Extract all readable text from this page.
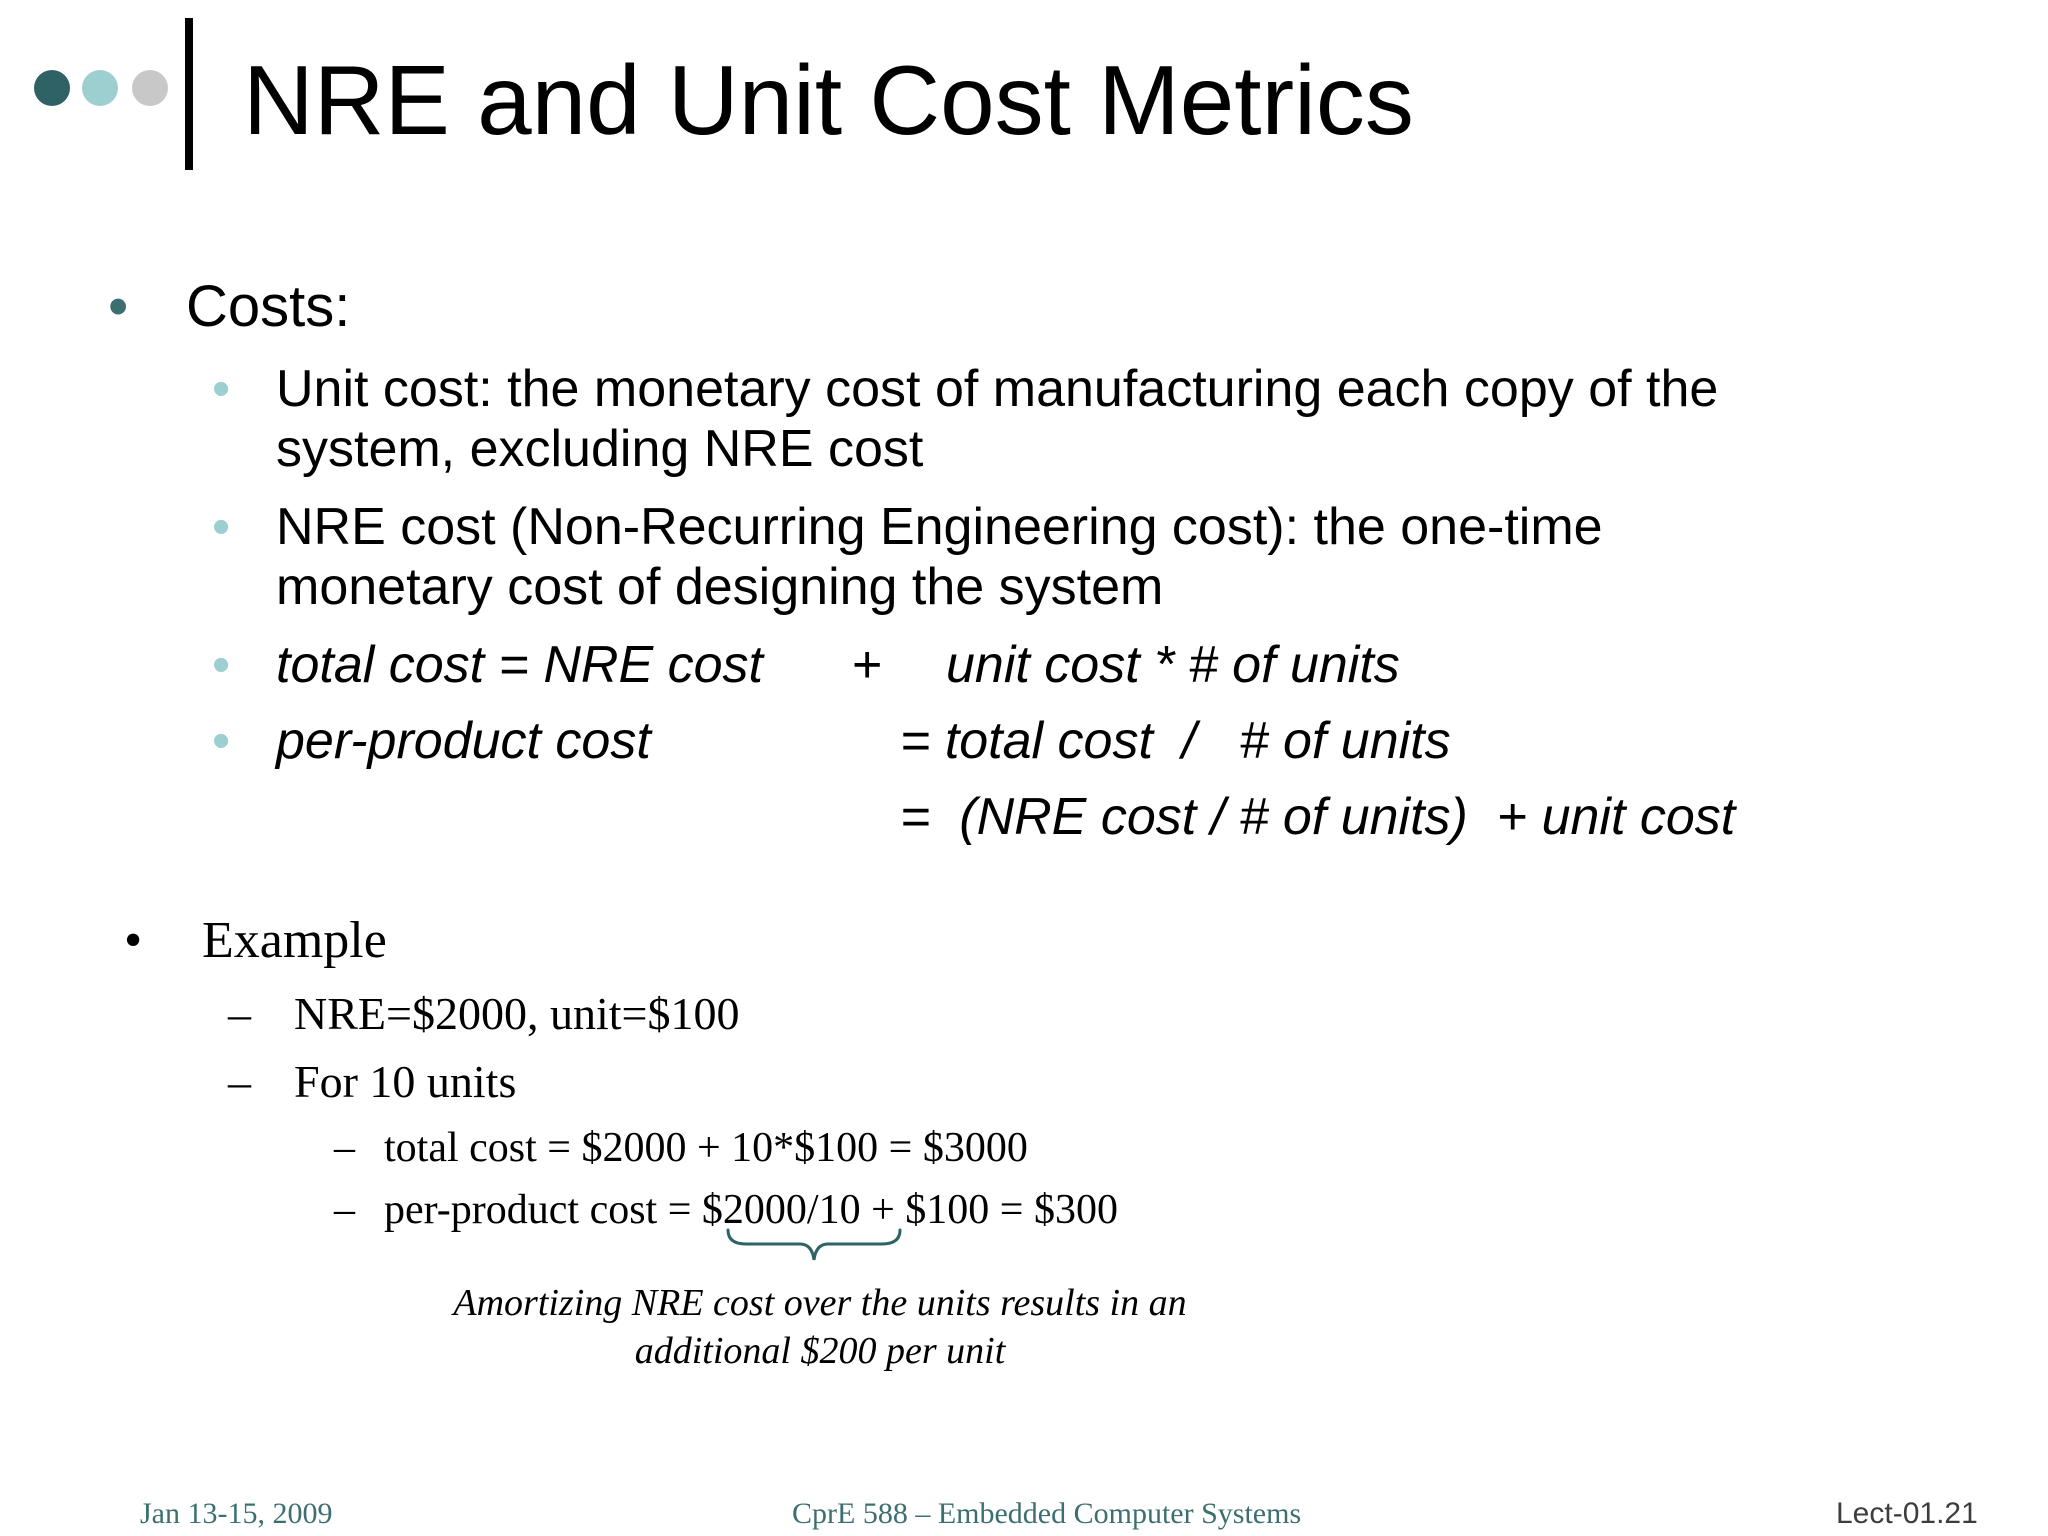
NRE and Unit Cost Metrics
• Costs:
• Unit cost: the monetary cost of manufacturing each copy of the
system, excluding NRE cost
• NRE cost (Non-Recurring Engineering cost): the one-time
monetary cost of designing the system
• total cost = NRE cost + unit cost * # of units
• per-product cost	= total cost  /   # of units
=  (NRE cost / # of units)  + unit cost
• Example
– NRE=$2000, unit=$100
– For 10 units
– total cost = $2000 + 10*$100 = $3000
– per-product cost = $2000/10 + $100 = $300
Amortizing NRE cost over the units results in an
additional $200 per unit
Jan 13-15, 2009	CprE 588 – Embedded Computer Systems	Lect-01.21
